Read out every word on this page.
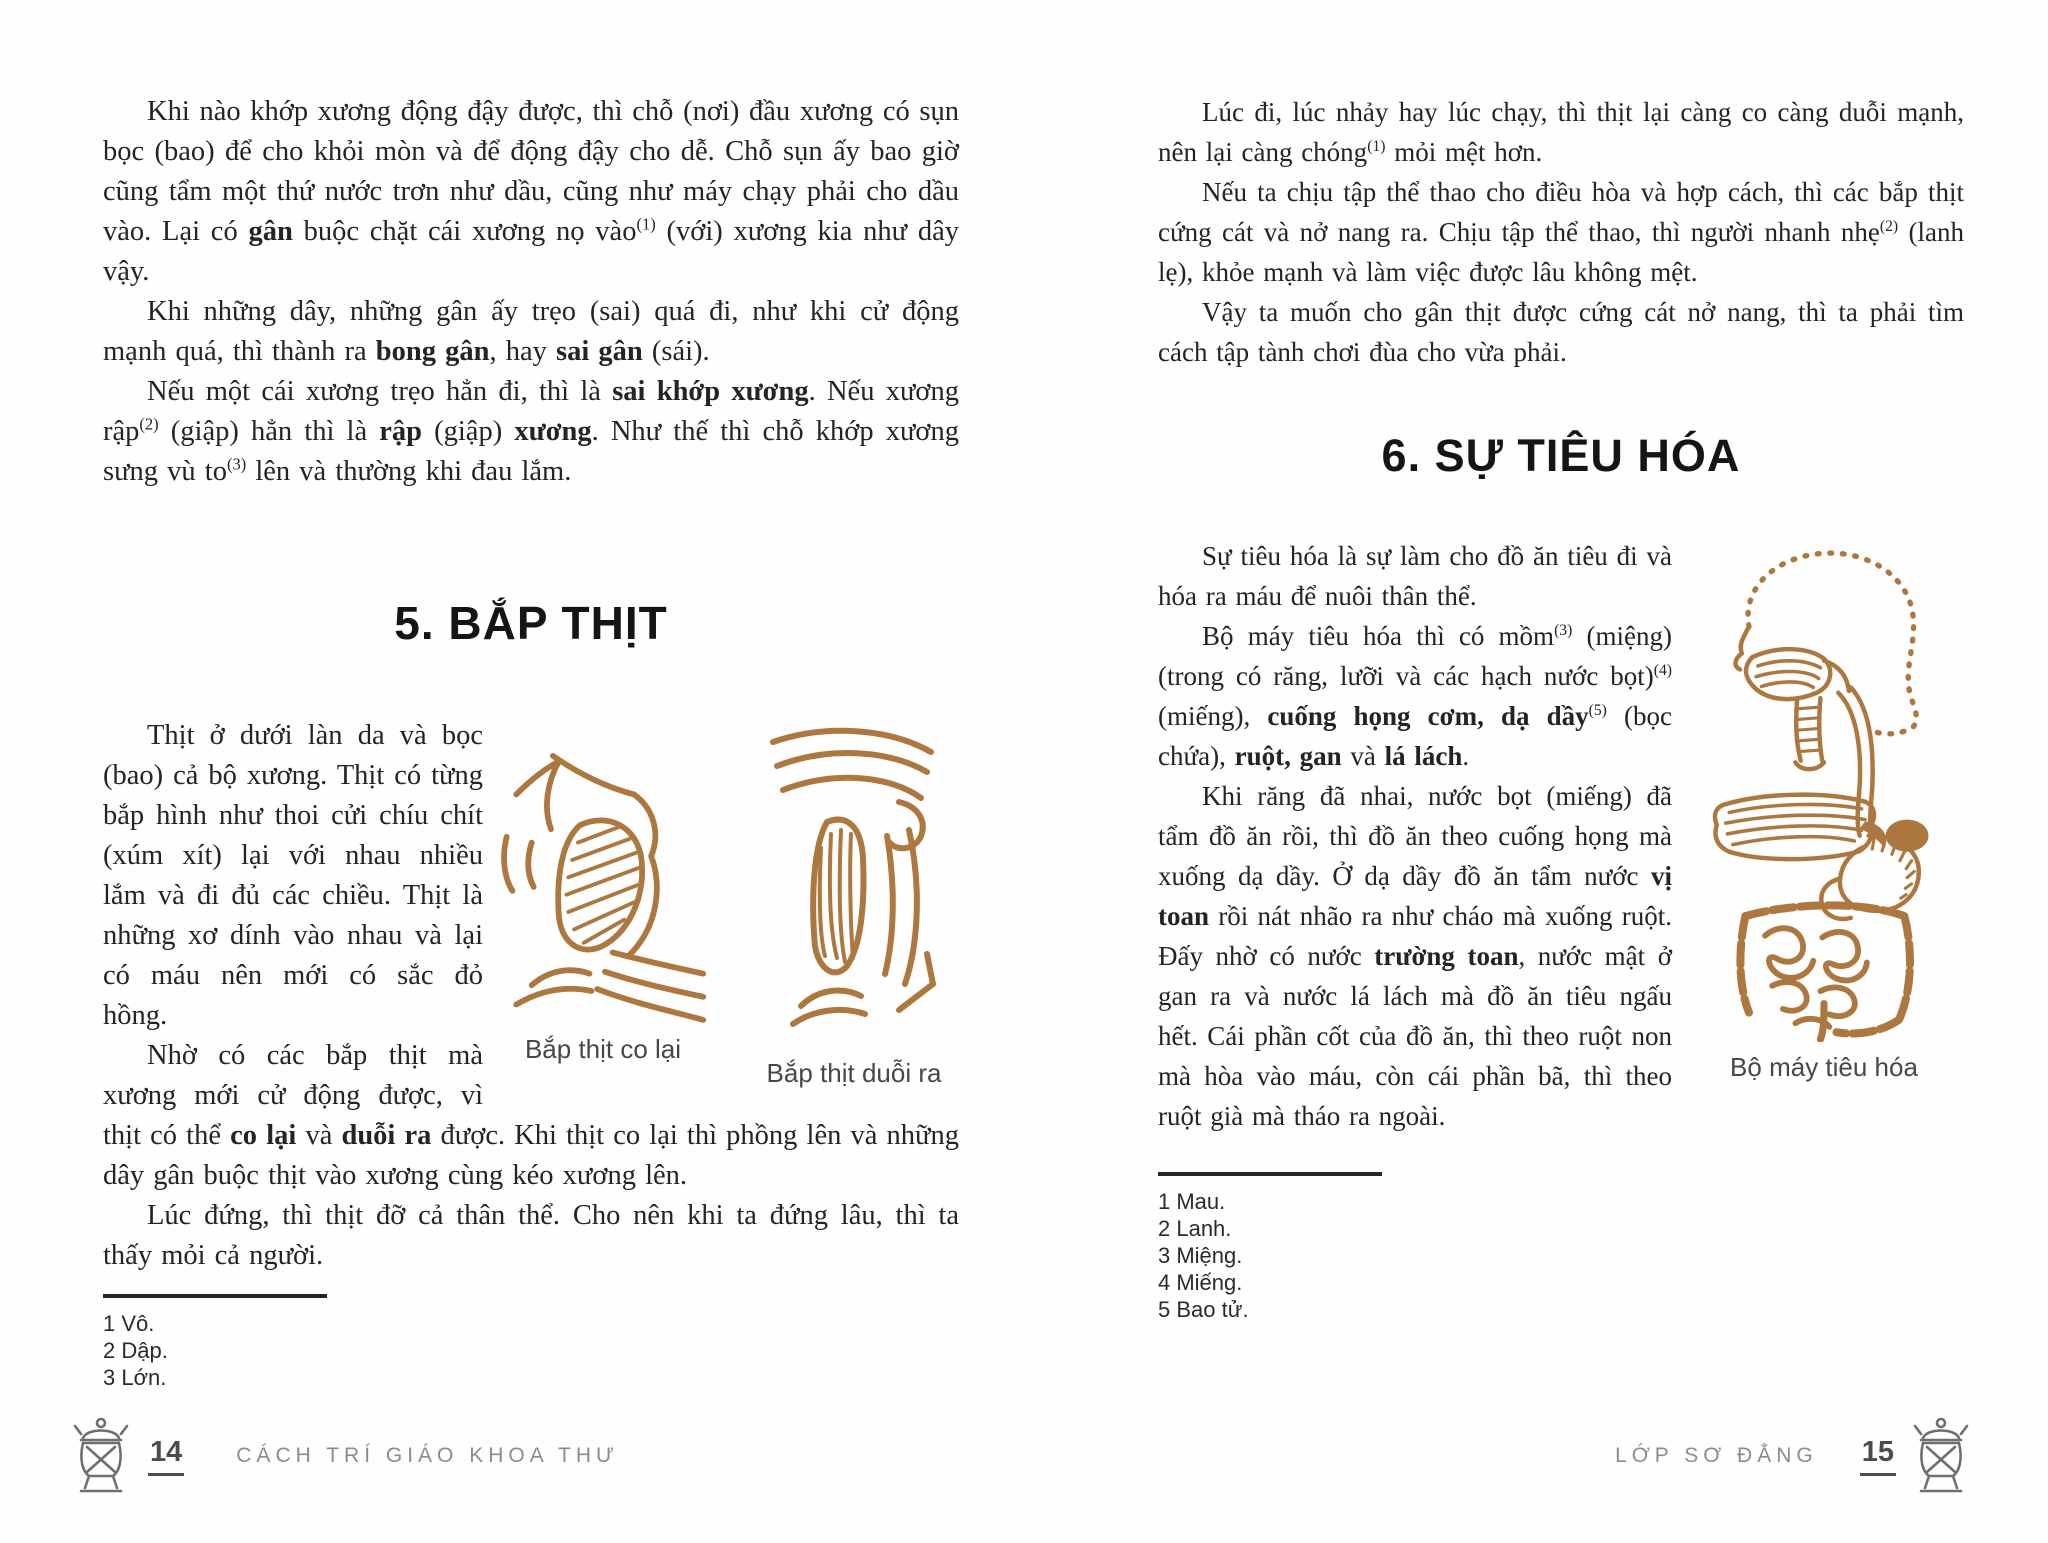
Khi nào khớp xương động đậy được, thì chỗ (nơi) đầu xương có sụn bọc (bao) để cho khỏi mòn và để động đậy cho dễ. Chỗ sụn ấy bao giờ cũng tẩm một thứ nước trơn như dầu, cũng như máy chạy phải cho dầu vào. Lại có gân buộc chặt cái xương nọ vào$^{(1)}$ (với) xương kia như dây vậy.

Khi những dây, những gân ấy trẹo (sai) quá đi, như khi cử động mạnh quá, thì thành ra bong gân, hay sai gân (sái).

Nếu một cái xương trẹo hẳn đi, thì là sai khớp xương. Nếu xương rập$^{(2)}$ (giập) hẳn thì là rập (giập) xương. Như thế thì chỗ khớp xương sưng vù $to^{(3)}$ lên và thường khi đau lắm.

5. BẮP THỊT
Bắp thịt co lại
Bắp thịt duỗi ra

Thịt ở dưới làn da và bọc (bao) cả bộ xương. Thịt có từng bắp hình như thoi cửi chíu chít (xúm xít) lại với nhau nhiều lắm và đi đủ các chiều. Thịt là những xơ dính vào nhau và lại có máu nên mới có sắc đỏ hồng.

Nhờ có các bắp thịt mà xương mới cử động được, vì thịt có thể co lại và duỗi ra được. Khi thịt co lại thì phồng lên và những dây gân buộc thịt vào xương cùng kéo xương lên.

Lúc đứng, thì thịt đỡ cả thân thể. Cho nên khi ta đứng lâu, thì ta thấy mỏi cả người.

1 Vô.
2 Dập.
3 Lớn.

Lúc đi, lúc nhảy hay lúc chạy, thì thịt lại càng co càng duỗi mạnh, nên lại càng chóng$^{(1)}$ mỏi mệt hơn.

Nếu ta chịu tập thể thao cho điều hòa và hợp cách, thì các bắp thịt cứng cát và nở nang ra. Chịu tập thể thao, thì người nhanh nhẹ$^{(2)}$ (lanh lẹ), khỏe mạnh và làm việc được lâu không mệt.

Vậy ta muốn cho gân thịt được cứng cát nở nang, thì ta phải tìm cách tập tành chơi đùa cho vừa phải.

6. SỰ TIÊU HÓA
Bộ máy tiêu hóa

Sự tiêu hóa là sự làm cho đồ ăn tiêu đi và hóa ra máu để nuôi thân thể.

Bộ máy tiêu hóa thì có mồm$^{(3)}$ (miệng) (trong có răng, lưỡi và các hạch nước bọt)$^{(4)}$ (miếng), cuống họng cơm, dạ dầy$^{(5)}$ (bọc chứa), ruột, gan và lá lách.

Khi răng đã nhai, nước bọt (miếng) đã tẩm đồ ăn rồi, thì đồ ăn theo cuống họng mà xuống dạ dầy. Ở dạ dầy đồ ăn tẩm nước vị toan rồi nát nhão ra như cháo mà xuống ruột. Đấy nhờ có nước trường toan, nước mật ở gan ra và nước lá lách mà đồ ăn tiêu ngấu hết. Cái phần cốt của đồ ăn, thì theo ruột non mà hòa vào máu, còn cái phần bã, thì theo ruột già mà tháo ra ngoài.

1 Mau.
2 Lanh.
3 Miệng.
4 Miếng.
5 Bao tử.
14	CÁCH TRÍ GIÁO KHOA THƯ	LỚP SƠ ĐẲNG 15
